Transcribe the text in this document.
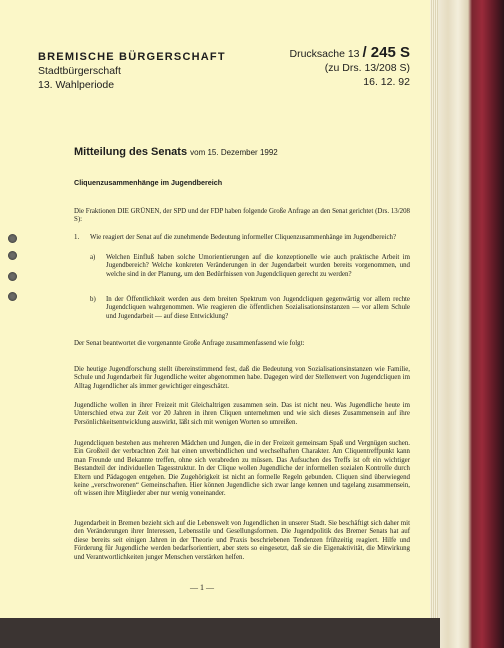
BREMISCHE BÜRGERSCHAFT
Stadtbürgerschaft
13. Wahlperiode
Drucksache 13 / 245 S
(zu Drs. 13/208 S)
16. 12. 92
Mitteilung des Senats vom 15. Dezember 1992
Cliquenzusammenhänge im Jugendbereich

Die Fraktionen DIE GRÜNEN, der SPD und der FDP haben folgende Große Anfrage an den Senat gerichtet (Drs. 13/208 S):

1. Wie reagiert der Senat auf die zunehmende Bedeutung informeller Cliquenzusammenhänge im Jugendbereich?

a) Welchen Einfluß haben solche Umorientierungen auf die konzeptionelle wie auch praktische Arbeit im Jugendbereich? Welche konkreten Veränderungen in der Jugendarbeit wurden bereits vorgenommen, und welche sind in der Planung, um den Bedürfnissen von Jugendcliquen gerecht zu werden?

b) In der Öffentlichkeit werden aus dem breiten Spektrum von Jugendcliquen gegenwärtig vor allem rechte Jugendcliquen wahrgenommen. Wie reagieren die öffentlichen Sozialisationsinstanzen — vor allem Schule und Jugendarbeit — auf diese Entwicklung?

Der Senat beantwortet die vorgenannte Große Anfrage zusammenfassend wie folgt:

Die heutige Jugendforschung stellt übereinstimmend fest, daß die Bedeutung von Sozialisationsinstanzen wie Familie, Schule und Jugendarbeit für Jugendliche weiter abgenommen habe. Dagegen wird der Stellenwert von Jugendcliquen im Alltag Jugendlicher als immer gewichtiger eingeschätzt.

Jugendliche wollen in ihrer Freizeit mit Gleichaltrigen zusammen sein. Das ist nicht neu. Was Jugendliche heute im Unterschied etwa zur Zeit vor 20 Jahren in ihren Cliquen unternehmen und wie sich dieses Zusammensein auf ihre Persönlichkeitsentwicklung auswirkt, läßt sich mit wenigen Worten so umreißen.

Jugendcliquen bestehen aus mehreren Mädchen und Jungen, die in der Freizeit gemeinsam Spaß und Vergnügen suchen. Ein Großteil der verbrachten Zeit hat einen unverbindlichen und wechselhaften Charakter. Am Cliquentreffpunkt kann man Freunde und Bekannte treffen, ohne sich verabreden zu müssen. Das Aufsuchen des Treffs ist oft ein wichtiger Bestandteil der individuellen Tagesstruktur. In der Clique wollen Jugendliche der informellen sozialen Kontrolle durch Eltern und Pädagogen entgehen. Die Zugehörigkeit ist nicht an formelle Regeln gebunden. Cliquen sind überwiegend keine „verschworenen“ Gemeinschaften. Hier können Jugendliche sich zwar lange kennen und tagelang zusammensein, oft wissen ihre Mitglieder aber nur wenig voneinander.

Jugendarbeit in Bremen bezieht sich auf die Lebenswelt von Jugendlichen in unserer Stadt. Sie beschäftigt sich daher mit den Veränderungen ihrer Interessen, Lebensstile und Gesellungsformen. Die Jugendpolitik des Bremer Senats hat auf diese bereits seit einigen Jahren in der Theorie und Praxis beschriebenen Tendenzen frühzeitig reagiert. Hilfe und Förderung für Jugendliche werden bedarfsorientiert, aber stets so eingesetzt, daß sie die Eigenaktivität, die Mitwirkung und Verantwortlichkeiten junger Menschen verstärken helfen.

— 1 —
